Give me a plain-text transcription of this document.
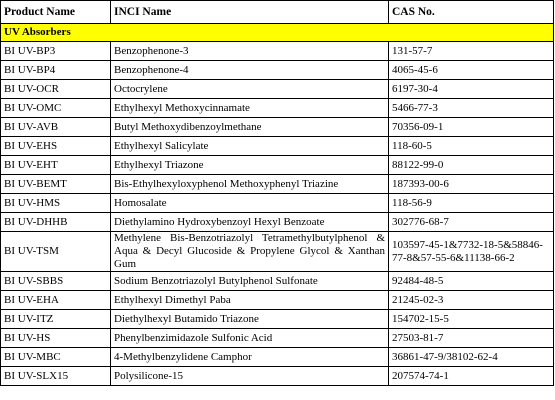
Product Name	INCI Name	CAS No.
UV Absorbers		
BI UV-BP3	Benzophenone-3	131-57-7
BI UV-BP4	Benzophenone-4	4065-45-6
BI UV-OCR	Octocrylene	6197-30-4
BI UV-OMC	Ethylhexyl Methoxycinnamate	5466-77-3
BI UV-AVB	Butyl Methoxydibenzoylmethane	70356-09-1
BI UV-EHS	Ethylhexyl Salicylate	118-60-5
BI UV-EHT	Ethylhexyl Triazone	88122-99-0
BI UV-BEMT	Bis-Ethylhexyloxyphenol Methoxyphenyl Triazine	187393-00-6
BI UV-HMS	Homosalate	118-56-9
BI UV-DHHB	Diethylamino Hydroxybenzoyl Hexyl Benzoate	302776-68-7
BI UV-TSM	Methylene Bis-Benzotriazolyl Tetramethylbutylphenol & Aqua & Decyl Glucoside & Propylene Glycol & Xanthan Gum	103597-45-1&7732-18-5&58846-77-8&57-55-6&11138-66-2
BI UV-SBBS	Sodium Benzotriazolyl Butylphenol Sulfonate	92484-48-5
BI UV-EHA	Ethylhexyl Dimethyl Paba	21245-02-3
BI UV-ITZ	Diethylhexyl Butamido Triazone	154702-15-5
BI UV-HS	Phenylbenzimidazole Sulfonic Acid	27503-81-7
BI UV-MBC	4-Methylbenzylidene Camphor	36861-47-9/38102-62-4
BI UV-SLX15	Polysilicone-15	207574-74-1
